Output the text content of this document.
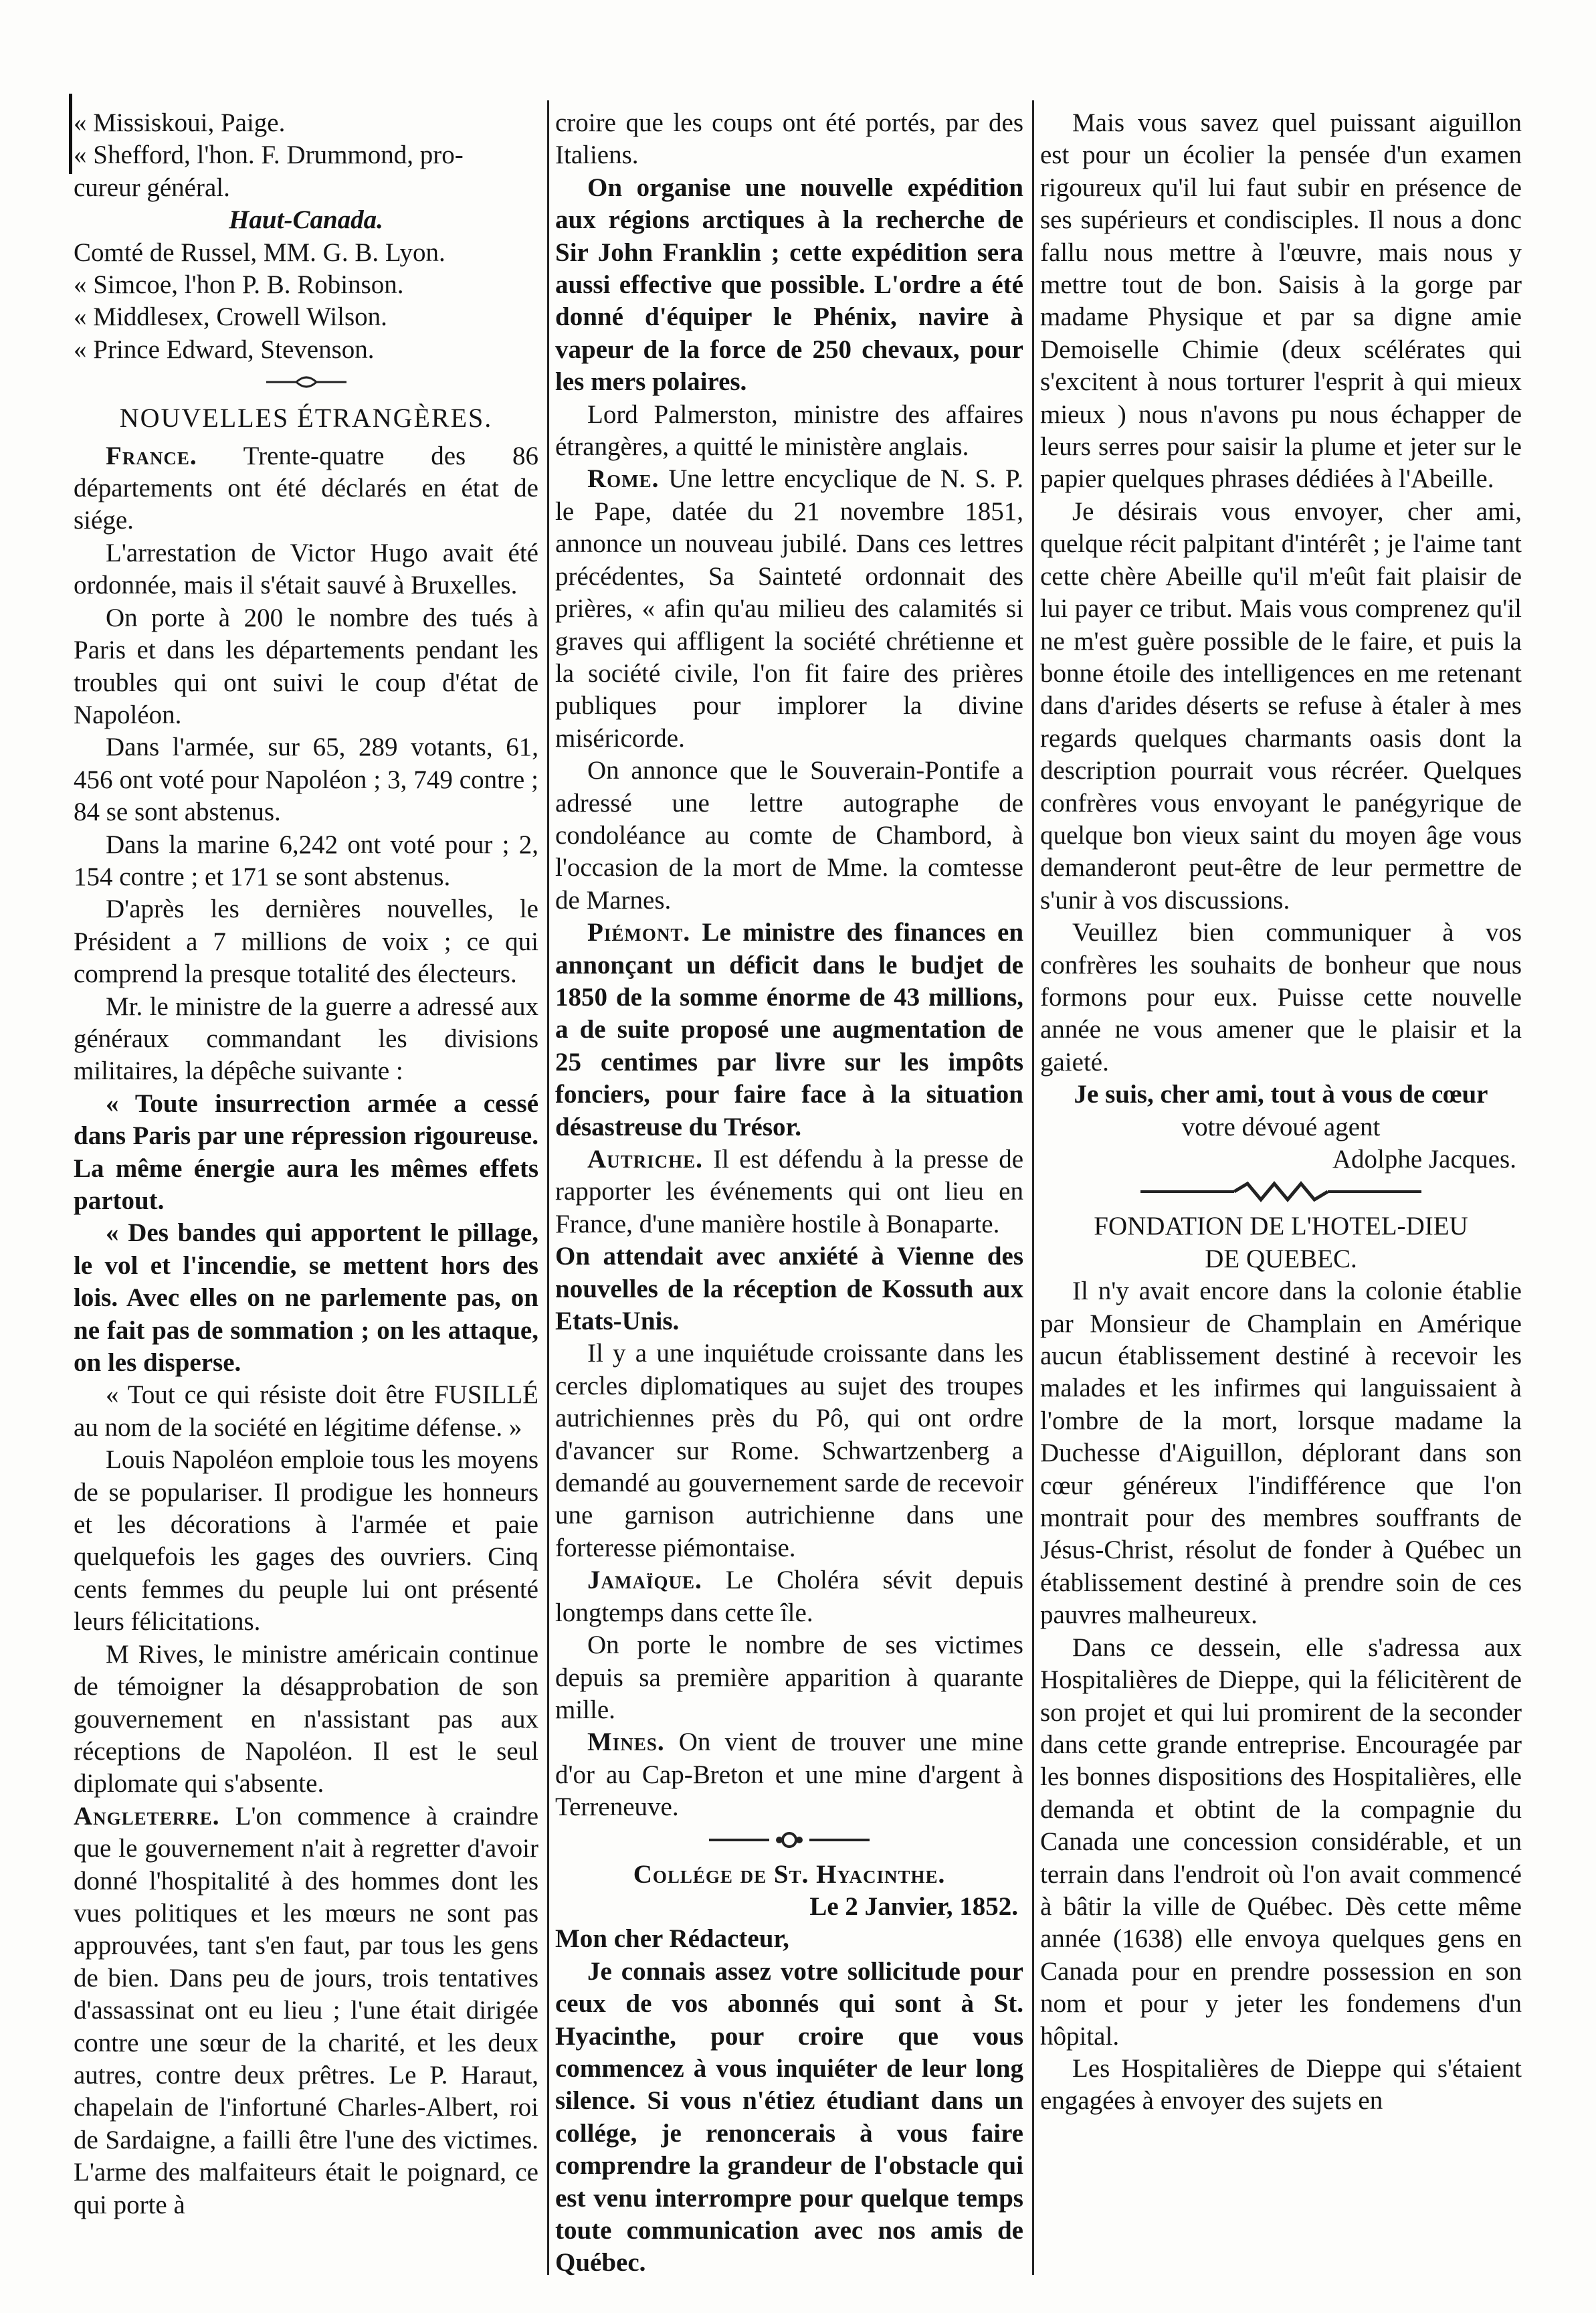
« Missiskoui, Paige.

« Shefford, l'hon. F. Drummond, pro-

cureur général.

Haut-Canada.

Comté de Russel, MM. G. B. Lyon.

« Simcoe, l'hon P. B. Robinson.

« Middlesex, Crowell Wilson.

« Prince Edward, Stevenson.

NOUVELLES ÉTRANGÈRES.

France. Trente-quatre des 86 départements ont été déclarés en état de siége.

L'arrestation de Victor Hugo avait été ordonnée, mais il s'était sauvé à Bruxelles.

On porte à 200 le nombre des tués à Paris et dans les départements pendant les troubles qui ont suivi le coup d'état de Napoléon.

Dans l'armée, sur 65, 289 votants, 61, 456 ont voté pour Napoléon ; 3, 749 contre ; 84 se sont abstenus.

Dans la marine 6,242 ont voté pour ; 2, 154 contre ; et 171 se sont abstenus.

D'après les dernières nouvelles, le Président a 7 millions de voix ; ce qui comprend la presque totalité des électeurs.

Mr. le ministre de la guerre a adressé aux généraux commandant les divisions militaires, la dépêche suivante :

« Toute insurrection armée a cessé dans Paris par une répression rigoureuse. La même énergie aura les mêmes effets partout.

« Des bandes qui apportent le pillage, le vol et l'incendie, se mettent hors des lois. Avec elles on ne parlemente pas, on ne fait pas de sommation ; on les attaque, on les disperse.

« Tout ce qui résiste doit être FUSILLÉ au nom de la société en légitime défense. »

Louis Napoléon emploie tous les moyens de se populariser. Il prodigue les honneurs et les décorations à l'armée et paie quelquefois les gages des ouvriers. Cinq cents femmes du peuple lui ont présenté leurs félicitations.

M Rives, le ministre américain continue de témoigner la désapprobation de son gouvernement en n'assistant pas aux réceptions de Napoléon. Il est le seul diplomate qui s'absente.

Angleterre. L'on commence à craindre que le gouvernement n'ait à regretter d'avoir donné l'hospitalité à des hommes dont les vues politiques et les mœurs ne sont pas approuvées, tant s'en faut, par tous les gens de bien. Dans peu de jours, trois tentatives d'assassinat ont eu lieu ; l'une était dirigée contre une sœur de la charité, et les deux autres, contre deux prêtres. Le P. Haraut, chapelain de l'infortuné Charles-Albert, roi de Sardaigne, a failli être l'une des victimes. L'arme des malfaiteurs était le poignard, ce qui porte à

croire que les coups ont été portés, par des Italiens.

On organise une nouvelle expédition aux régions arctiques à la recherche de Sir John Franklin ; cette expédition sera aussi effective que possible. L'ordre a été donné d'équiper le Phénix, navire à vapeur de la force de 250 chevaux, pour les mers polaires.

Lord Palmerston, ministre des affaires étrangères, a quitté le ministère anglais.

Rome. Une lettre encyclique de N. S. P. le Pape, datée du 21 novembre 1851, annonce un nouveau jubilé. Dans ces lettres précédentes, Sa Sainteté ordonnait des prières, « afin qu'au milieu des calamités si graves qui affligent la société chrétienne et la société civile, l'on fit faire des prières publiques pour implorer la divine miséricorde.

On annonce que le Souverain-Pontife a adressé une lettre autographe de condoléance au comte de Chambord, à l'occasion de la mort de Mme. la comtesse de Marnes.

Piémont. Le ministre des finances en annonçant un déficit dans le budjet de 1850 de la somme énorme de 43 millions, a de suite proposé une augmentation de 25 centimes par livre sur les impôts fonciers, pour faire face à la situation désastreuse du Trésor.

Autriche. Il est défendu à la presse de rapporter les événements qui ont lieu en France, d'une manière hostile à Bonaparte.

On attendait avec anxiété à Vienne des nouvelles de la réception de Kossuth aux Etats-Unis.

Il y a une inquiétude croissante dans les cercles diplomatiques au sujet des troupes autrichiennes près du Pô, qui ont ordre d'avancer sur Rome. Schwartzenberg a demandé au gouvernement sarde de recevoir une garnison autrichienne dans une forteresse piémontaise.

Jamaïque. Le Choléra sévit depuis longtemps dans cette île.

On porte le nombre de ses victimes depuis sa première apparition à quarante mille.

Mines. On vient de trouver une mine d'or au Cap-Breton et une mine d'argent à Terreneuve.

Collége de St. Hyacinthe.

Le 2 Janvier, 1852.

Mon cher Rédacteur,

Je connais assez votre sollicitude pour ceux de vos abonnés qui sont à St. Hyacinthe, pour croire que vous commencez à vous inquiéter de leur long silence. Si vous n'étiez étudiant dans un collége, je renoncerais à vous faire comprendre la grandeur de l'obstacle qui est venu interrompre pour quelque temps toute communication avec nos amis de Québec.

Mais vous savez quel puissant aiguillon est pour un écolier la pensée d'un examen rigoureux qu'il lui faut subir en présence de ses supérieurs et condisciples. Il nous a donc fallu nous mettre à l'œuvre, mais nous y mettre tout de bon. Saisis à la gorge par madame Physique et par sa digne amie Demoiselle Chimie (deux scélérates qui s'excitent à nous torturer l'esprit à qui mieux mieux ) nous n'avons pu nous échapper de leurs serres pour saisir la plume et jeter sur le papier quelques phrases dédiées à l'Abeille.

Je désirais vous envoyer, cher ami, quelque récit palpitant d'intérêt ; je l'aime tant cette chère Abeille qu'il m'eût fait plaisir de lui payer ce tribut. Mais vous comprenez qu'il ne m'est guère possible de le faire, et puis la bonne étoile des intelligences en me retenant dans d'arides déserts se refuse à étaler à mes regards quelques charmants oasis dont la description pourrait vous récréer. Quelques confrères vous envoyant le panégyrique de quelque bon vieux saint du moyen âge vous demanderont peut-être de leur permettre de s'unir à vos discussions.

Veuillez bien communiquer à vos confrères les souhaits de bonheur que nous formons pour eux. Puisse cette nouvelle année ne vous amener que le plaisir et la gaieté.

Je suis, cher ami, tout à vous de cœur

votre dévoué agent

Adolphe Jacques.

FONDATION DE L'HOTEL-DIEU

DE QUEBEC.

Il n'y avait encore dans la colonie établie par Monsieur de Champlain en Amérique aucun établissement destiné à recevoir les malades et les infirmes qui languissaient à l'ombre de la mort, lorsque madame la Duchesse d'Aiguillon, déplorant dans son cœur généreux l'indifférence que l'on montrait pour des membres souffrants de Jésus-Christ, résolut de fonder à Québec un établissement destiné à prendre soin de ces pauvres malheureux.

Dans ce dessein, elle s'adressa aux Hospitalières de Dieppe, qui la félicitèrent de son projet et qui lui promirent de la seconder dans cette grande entreprise. Encouragée par les bonnes dispositions des Hospitalières, elle demanda et obtint de la compagnie du Canada une concession considérable, et un terrain dans l'endroit où l'on avait commencé à bâtir la ville de Québec. Dès cette même année (1638) elle envoya quelques gens en Canada pour en prendre possession en son nom et pour y jeter les fondemens d'un hôpital.

Les Hospitalières de Dieppe qui s'étaient engagées à envoyer des sujets en
